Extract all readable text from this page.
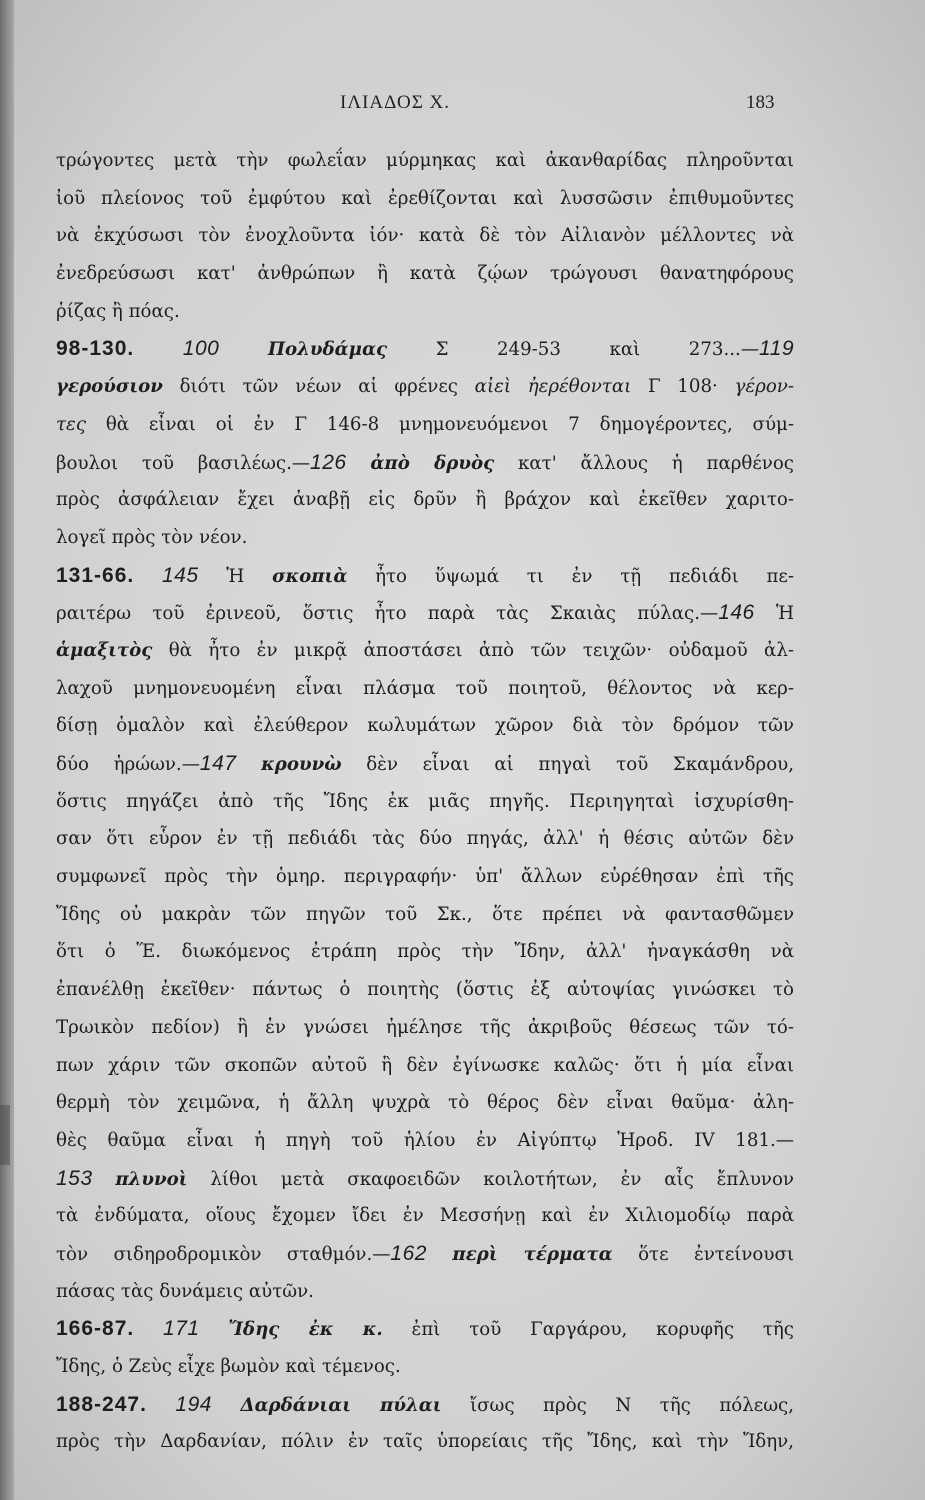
ΙΛΙΑΔΟΣ Χ.	183
τρώγοντες μετὰ τὴν φωλεΐαν μύρμηκας καὶ ἀκανθαρίδας πληροῦνται
ἰοῦ πλείονος τοῦ ἐμφύτου καὶ ἐρεθίζονται καὶ λυσσῶσιν ἐπιθυμοῦντες
νὰ ἐκχύσωσι τὸν ἐνοχλοῦντα ἰόν· κατὰ δὲ τὸν Αἰλιανὸν μέλλοντες νὰ
ἐνεδρεύσωσι κατ' ἀνθρώπων ἢ κατὰ ζῴων τρώγουσι θανατηφόρους
ῥίζας ἢ πόας.
98-130. 100	Πολυδάμας Σ 249-53 καὶ 273...—119
γερούσιον διότι τῶν νέων αἱ φρένες αἰεὶ ἠερέθονται Γ 108· γέρον-
τες θὰ εἶναι οἱ ἐν Γ 146-8 μνημονευόμενοι 7 δημογέροντες, σύμ-
βουλοι τοῦ βασιλέως.—126 ἀπὸ δρυὸς κατ' ἄλλους ἡ παρθένος
πρὸς ἀσφάλειαν ἔχει ἀναβῇ εἰς δρῦν ἢ βράχον καὶ ἐκεῖθεν χαριτο-
λογεῖ πρὸς τὸν νέον.
131-66. 145 Ἡ σκοπιὰ ἦτο ὕψωμά τι ἐν τῇ πεδιάδι πε-
ραιτέρω τοῦ ἐρινεοῦ, ὅστις ἦτο παρὰ τὰς Σκαιὰς πύλας.—146 Ἡ
ἁμαξιτὸς θὰ ἦτο ἐν μικρᾷ ἀποστάσει ἀπὸ τῶν τειχῶν· οὐδαμοῦ ἀλ-
λαχοῦ μνημονευομένη εἶναι πλάσμα τοῦ ποιητοῦ, θέλοντος νὰ κερ-
δίσῃ ὁμαλὸν καὶ ἐλεύθερον κωλυμάτων χῶρον διὰ τὸν δρόμον τῶν
δύο ἡρώων.—147 κρουνὼ δὲν εἶναι αἱ πηγαὶ τοῦ Σκαμάνδρου,
ὅστις πηγάζει ἀπὸ τῆς Ἴδης ἐκ μιᾶς πηγῆς. Περιηγηταὶ ἰσχυρίσθη-
σαν ὅτι εὗρον ἐν τῇ πεδιάδι τὰς δύο πηγάς, ἀλλ' ἡ θέσις αὐτῶν δὲν
συμφωνεῖ πρὸς τὴν ὁμηρ. περιγραφήν· ὑπ' ἄλλων εὑρέθησαν ἐπὶ τῆς
Ἴδης οὐ μακρὰν τῶν πηγῶν τοῦ Σκ., ὅτε πρέπει νὰ φαντασθῶμεν
ὅτι ὁ Ἕ. διωκόμενος ἐτράπη πρὸς τὴν Ἴδην, ἀλλ' ἠναγκάσθη νὰ
ἐπανέλθῃ ἐκεῖθεν· πάντως ὁ ποιητὴς (ὅστις ἐξ αὐτοψίας γινώσκει τὸ
Τρωικὸν πεδίον) ἢ ἐν γνώσει ἠμέλησε τῆς ἀκριβοῦς θέσεως τῶν τό-
πων χάριν τῶν σκοπῶν αὐτοῦ ἢ δὲν ἐγίνωσκε καλῶς· ὅτι ἡ μία εἶναι
θερμὴ τὸν χειμῶνα, ἡ ἄλλη ψυχρὰ τὸ θέρος δὲν εἶναι θαῦμα· ἀλη-
θὲς θαῦμα εἶναι ἡ πηγὴ τοῦ ἡλίου ἐν Αἰγύπτῳ Ἡροδ. IV 181.—
153 πλυνοὶ λίθοι μετὰ σκαφοειδῶν κοιλοτήτων, ἐν αἷς ἔπλυνον
τὰ ἐνδύματα, οἵους ἔχομεν ἴδει ἐν Μεσσήνῃ καὶ ἐν Χιλιομοδίῳ παρὰ
τὸν σιδηροδρομικὸν σταθμόν.—162 περὶ τέρματα ὅτε ἐντείνουσι
πάσας τὰς δυνάμεις αὐτῶν.
166-87. 171 Ἴδης ἐκ κ. ἐπὶ τοῦ Γαργάρου, κορυφῆς τῆς
Ἴδης, ὁ Ζεὺς εἶχε βωμὸν καὶ τέμενος.
188-247. 194 Δαρδάνιαι πύλαι ἴσως πρὸς Ν τῆς πόλεως,
πρὸς τὴν Δαρδανίαν, πόλιν ἐν ταῖς ὑπορείαις τῆς Ἴδης, καὶ τὴν Ἴδην,
